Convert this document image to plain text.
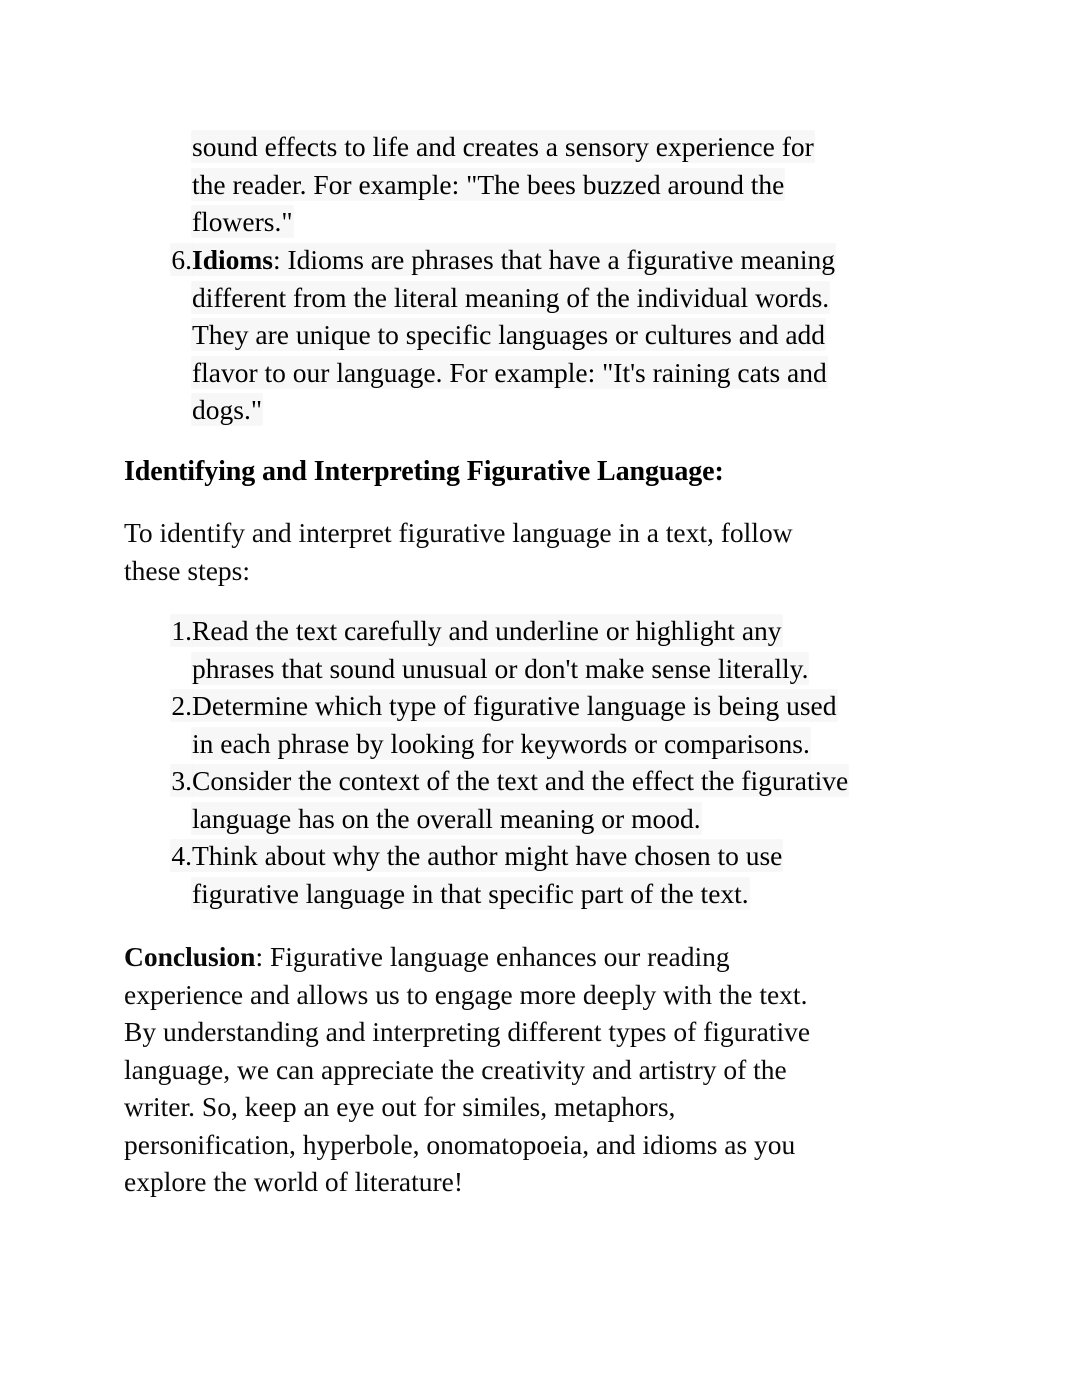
sound effects to life and creates a sensory experience for
the reader. For example: "The bees buzzed around the
flowers."
6. Idioms: Idioms are phrases that have a figurative meaning
different from the literal meaning of the individual words.
They are unique to specific languages or cultures and add
flavor to our language. For example: "It's raining cats and
dogs."
Identifying and Interpreting Figurative Language:
To identify and interpret figurative language in a text, follow
these steps:
1. Read the text carefully and underline or highlight any
phrases that sound unusual or don't make sense literally.
2. Determine which type of figurative language is being used
in each phrase by looking for keywords or comparisons.
3. Consider the context of the text and the effect the figurative
language has on the overall meaning or mood.
4. Think about why the author might have chosen to use
figurative language in that specific part of the text.
Conclusion: Figurative language enhances our reading
experience and allows us to engage more deeply with the text.
By understanding and interpreting different types of figurative
language, we can appreciate the creativity and artistry of the
writer. So, keep an eye out for similes, metaphors,
personification, hyperbole, onomatopoeia, and idioms as you
explore the world of literature!
